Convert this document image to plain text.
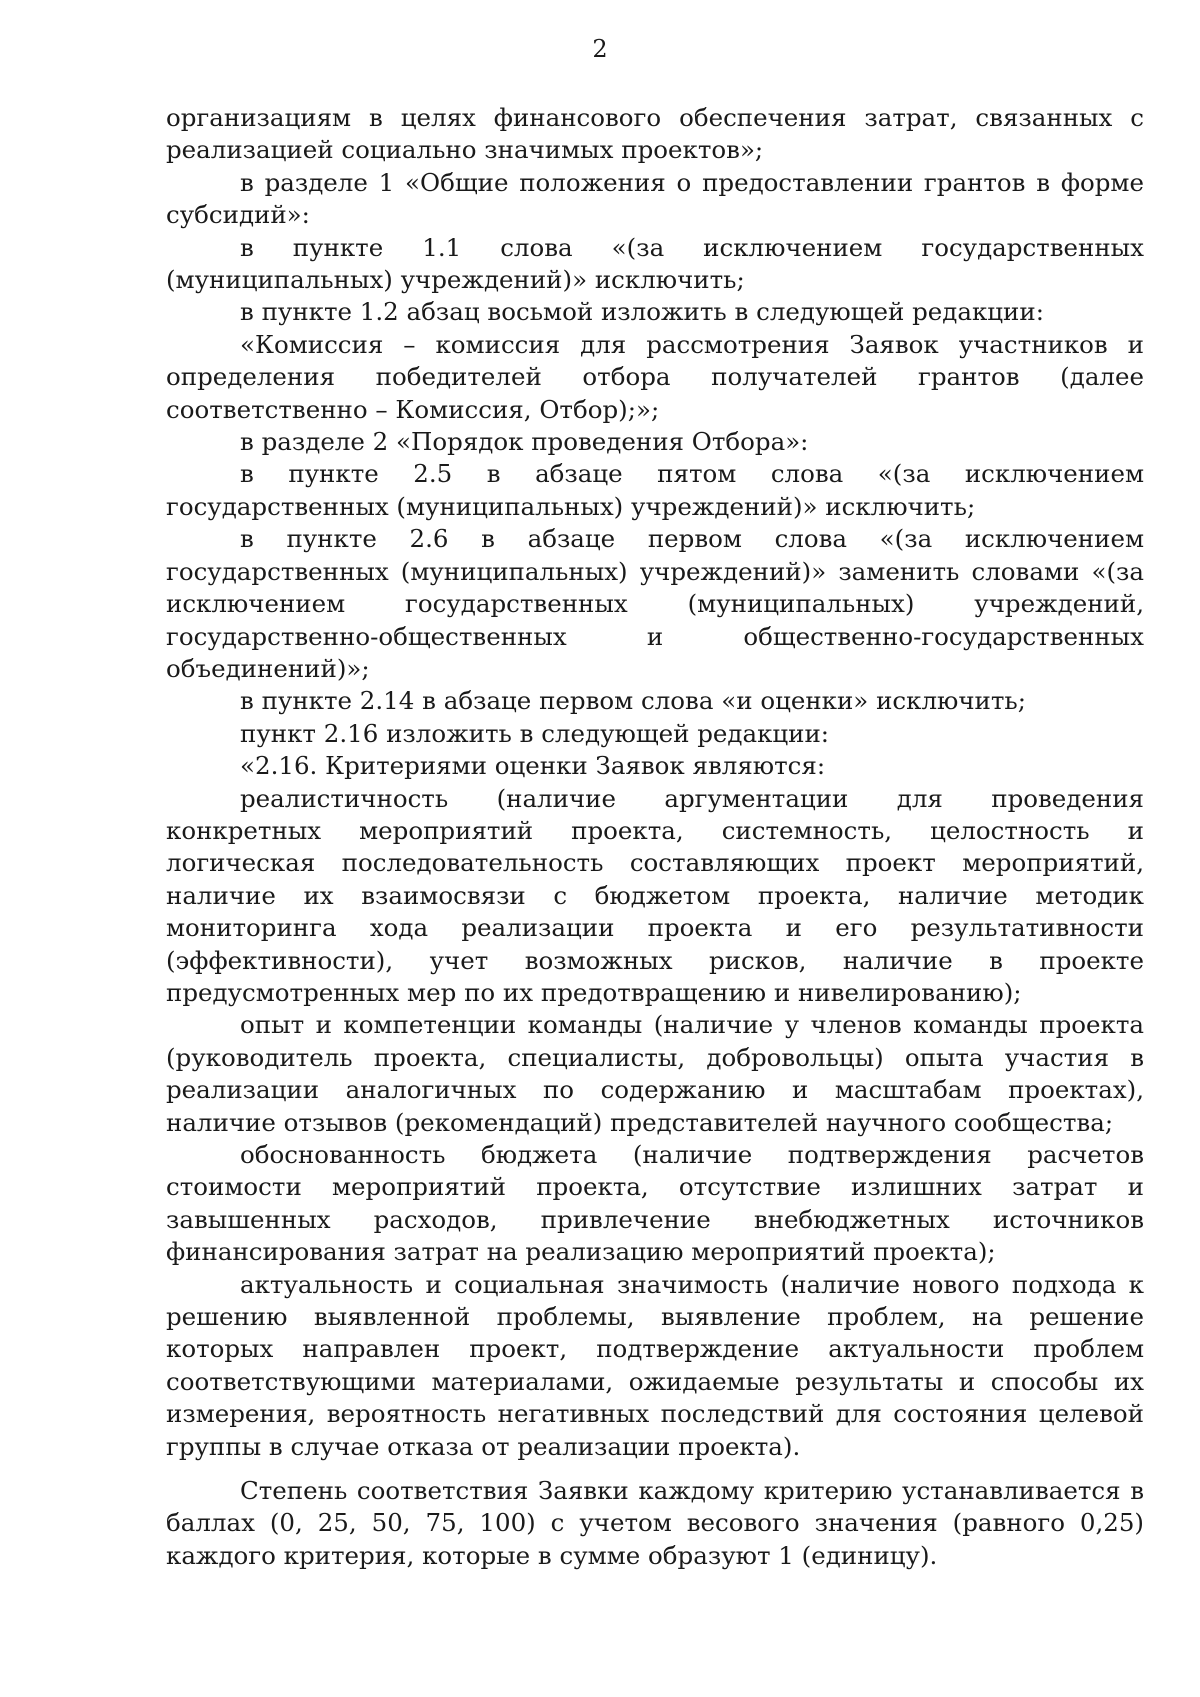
2

организациям в целях финансового обеспечения затрат, связанных с реализацией социально значимых проектов»;

в разделе 1 «Общие положения о предоставлении грантов в форме субсидий»:

в пункте 1.1 слова «(за исключением государственных (муниципальных) учреждений)» исключить;

в пункте 1.2 абзац восьмой изложить в следующей редакции:

«Комиссия – комиссия для рассмотрения Заявок участников и определения победителей отбора получателей грантов (далее соответственно – Комиссия, Отбор);»;

в разделе 2 «Порядок проведения Отбора»:

в пункте 2.5 в абзаце пятом слова «(за исключением государственных (муниципальных) учреждений)» исключить;

в пункте 2.6 в абзаце первом слова «(за исключением государственных (муниципальных) учреждений)» заменить словами «(за исключением государственных (муниципальных) учреждений, государственно-общественных и общественно-государственных объединений)»;

в пункте 2.14 в абзаце первом слова «и оценки» исключить;

пункт 2.16 изложить в следующей редакции:

«2.16. Критериями оценки Заявок являются:

реалистичность (наличие аргументации для проведения конкретных мероприятий проекта, системность, целостность и логическая последовательность составляющих проект мероприятий, наличие их взаимосвязи с бюджетом проекта, наличие методик мониторинга хода реализации проекта и его результативности (эффективности), учет возможных рисков, наличие в проекте предусмотренных мер по их предотвращению и нивелированию);

опыт и компетенции команды (наличие у членов команды проекта (руководитель проекта, специалисты, добровольцы) опыта участия в реализации аналогичных по содержанию и масштабам проектах), наличие отзывов (рекомендаций) представителей научного сообщества;

обоснованность бюджета (наличие подтверждения расчетов стоимости мероприятий проекта, отсутствие излишних затрат и завышенных расходов, привлечение внебюджетных источников финансирования затрат на реализацию мероприятий проекта);

актуальность и социальная значимость (наличие нового подхода к решению выявленной проблемы, выявление проблем, на решение которых направлен проект, подтверждение актуальности проблем соответствующими материалами, ожидаемые результаты и способы их измерения, вероятность негативных последствий для состояния целевой группы в случае отказа от реализации проекта).

Степень соответствия Заявки каждому критерию устанавливается в баллах (0, 25, 50, 75, 100) с учетом весового значения (равного 0,25) каждого критерия, которые в сумме образуют 1 (единицу).
